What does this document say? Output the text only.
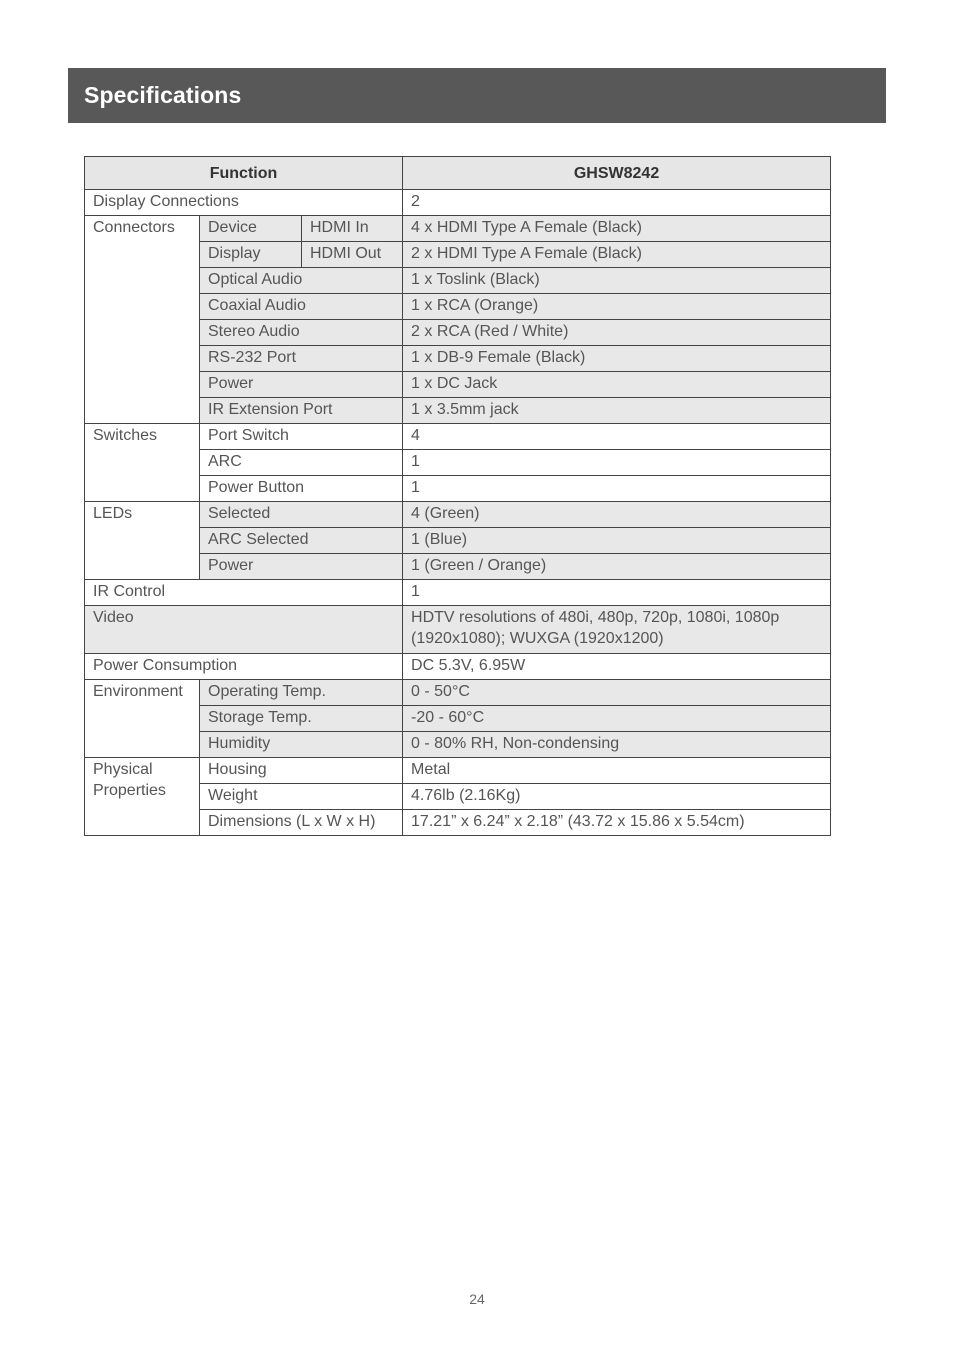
Specifications
Function			GHSW8242
Display Connections			2
Connectors	Device	HDMI In	4 x HDMI Type A Female (Black)
	Display	HDMI Out	2 x HDMI Type A Female (Black)
	Optical Audio		1 x Toslink (Black)
	Coaxial Audio		1 x RCA (Orange)
	Stereo Audio		2 x RCA (Red / White)
	RS-232 Port		1 x DB-9 Female (Black)
	Power		1 x DC Jack
	IR Extension Port		1 x 3.5mm jack
Switches	Port Switch		4
	ARC		1
	Power Button		1
LEDs	Selected		4 (Green)
	ARC Selected		1 (Blue)
	Power		1 (Green / Orange)
IR Control			1
Video			HDTV resolutions of 480i, 480p, 720p, 1080i, 1080p (1920x1080); WUXGA (1920x1200)
Power Consumption			DC 5.3V, 6.95W
Environment	Operating Temp.		0 - 50°C
	Storage Temp.		-20 - 60°C
	Humidity		0 - 80% RH, Non-condensing
Physical
Properties	Housing		Metal
	Weight		4.76lb (2.16Kg)
	Dimensions (L x W x H)		17.21” x 6.24” x 2.18” (43.72 x 15.86 x 5.54cm)
24
